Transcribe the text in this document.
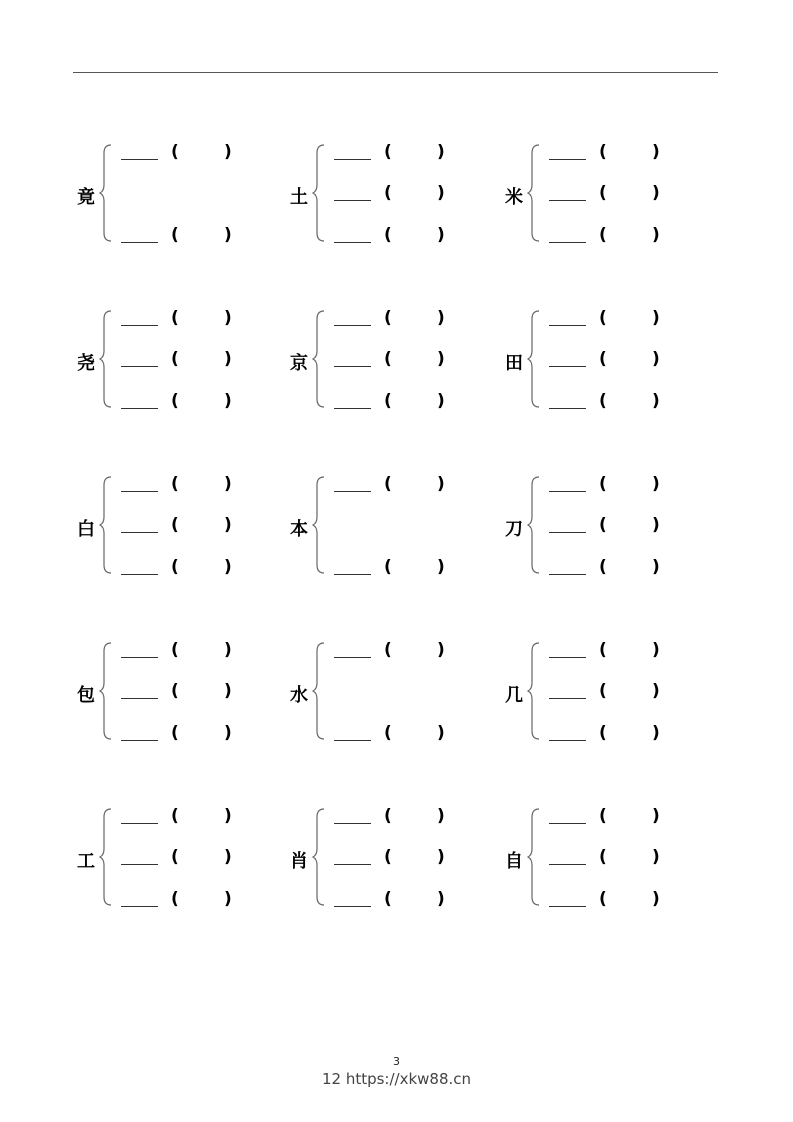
竟
(	)
(	)
土
(	)
(	)
(	)
米
(	)
(	)
(	)
尧
(	)
(	)
(	)
京
(	)
(	)
(	)
田
(	)
(	)
(	)
白
(	)
(	)
(	)
本
(	)
(	)
刀
(	)
(	)
(	)
包
(	)
(	)
(	)
水
(	)
(	)
几
(	)
(	)
(	)
工
(	)
(	)
(	)
肖
(	)
(	)
(	)
自
(	)
(	)
(	)
3
12 https://xkw88.cn
